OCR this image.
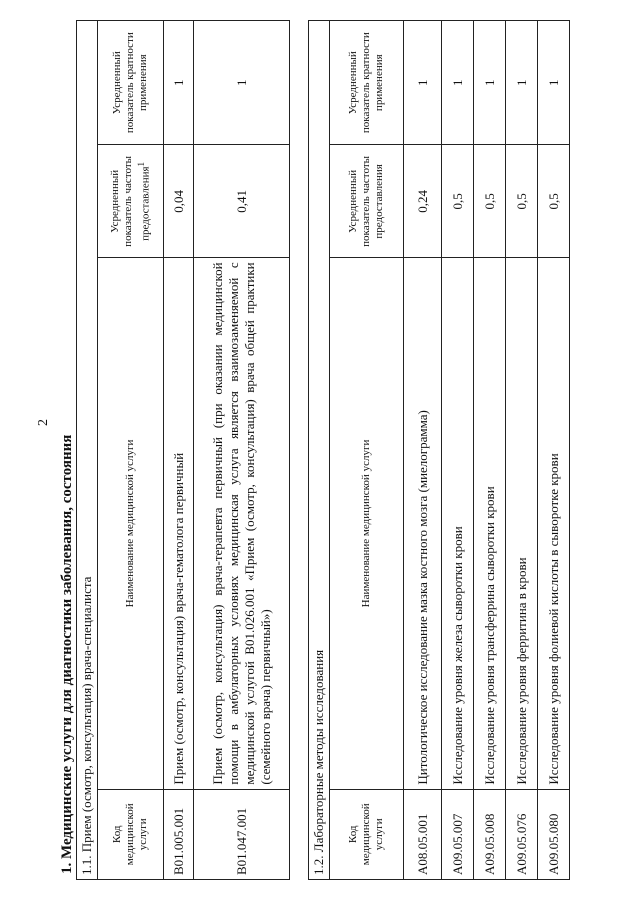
2
1. Медицинские услуги для диагностики заболевания, состояния 1.1. Прием (осмотр, консультация) врача-специалиста			
Код медицинской услуги	Наименование медицинской услуги	Усредненный показатель частоты предоставления$^1$	Усредненный показатель кратности применения
B01.005.001	Прием (осмотр, консультация) врача-гематолога первичный	0,04	1
B01.047.001	Прием (осмотр, консультация) врача-терапевта первичный (при оказании медицинской помощи в амбулаторных условиях медицинская услуга является взаимозаменяемой с медицинской услугой B01.026.001 «Прием (осмотр, консультация) врача общей практики (семейного врача) первичный»)	0,41	1
1.2. Лабораторные методы исследования			
Код медицинской услуги	Наименование медицинской услуги	Усредненный показатель частоты предоставления	Усредненный показатель кратности применения
A08.05.001	Цитологическое исследование мазка костного мозга (миелограмма)	0,24	1
A09.05.007	Исследование уровня железа сыворотки крови	0,5	1
A09.05.008	Исследование уровня трансферрина сыворотки крови	0,5	1
A09.05.076	Исследование уровня ферритина в крови	0,5	1
A09.05.080	Исследование уровня фолиевой кислоты в сыворотке крови	0,5	1
